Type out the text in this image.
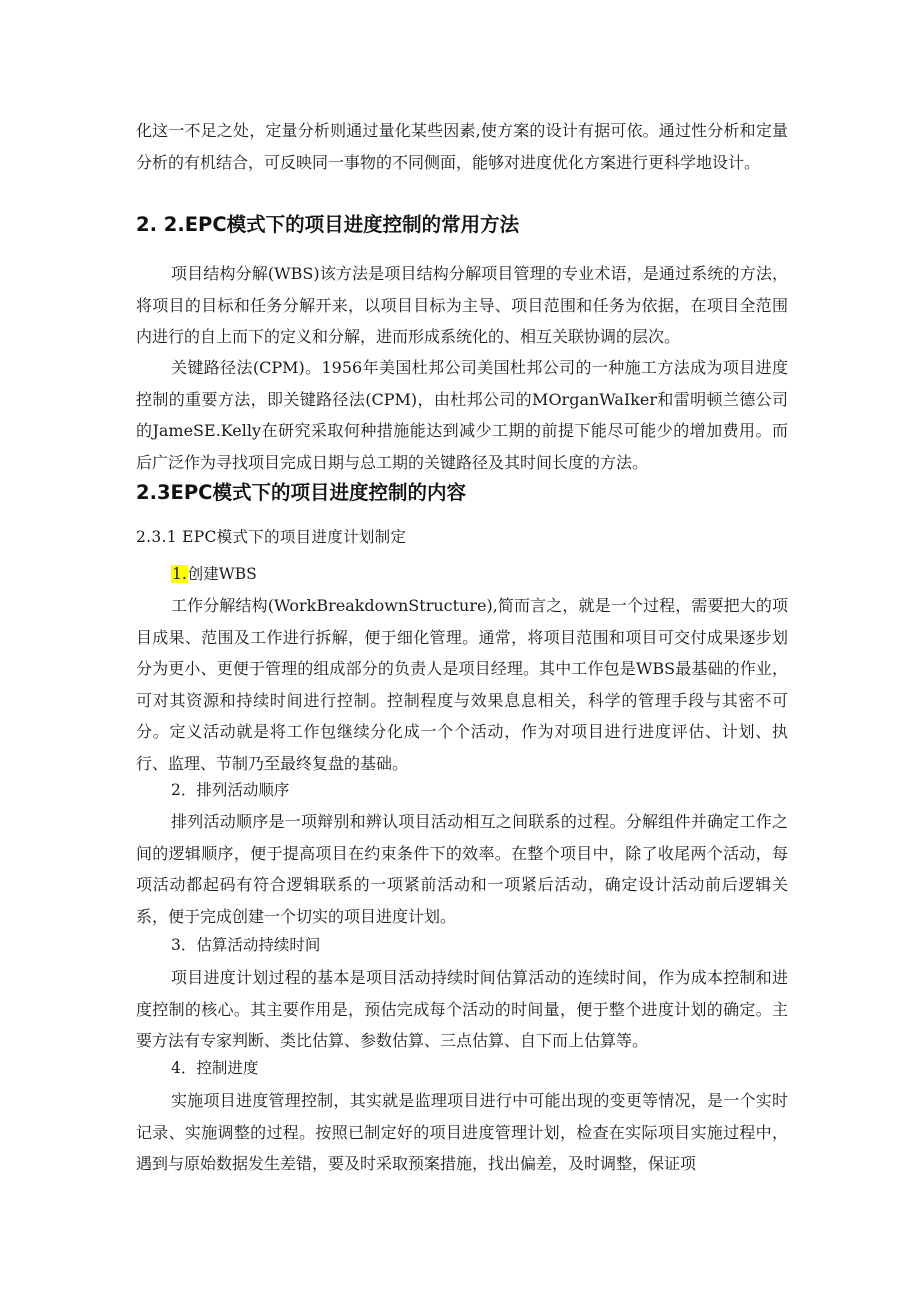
化这一不足之处，定量分析则通过量化某些因素,使方案的设计有据可依。通过性分析和定量分析的有机结合，可反映同一事物的不同侧面，能够对进度优化方案进行更科学地设计。

2. 2.EPC模式下的项目进度控制的常用方法

项目结构分解(WBS)该方法是项目结构分解项目管理的专业术语，是通过系统的方法，将项目的目标和任务分解开来，以项目目标为主导、项目范围和任务为依据，在项目全范围内进行的自上而下的定义和分解，进而形成系统化的、相互关联协调的层次。

关键路径法(CPM)。1956年美国杜邦公司美国杜邦公司的一种施工方法成为项目进度控制的重要方法，即关键路径法(CPM)，由杜邦公司的MOrganWaIker和雷明顿兰德公司的JameSE.Kelly在研究采取何种措施能达到减少工期的前提下能尽可能少的增加费用。而后广泛作为寻找项目完成日期与总工期的关键路径及其时间长度的方法。

2.3EPC模式下的项目进度控制的内容

2.3.1 EPC模式下的项目进度计划制定

1.创建WBS

工作分解结构(WorkBreakdownStructure),简而言之，就是一个过程，需要把大的项目成果、范围及工作进行拆解，便于细化管理。通常，将项目范围和项目可交付成果逐步划分为更小、更便于管理的组成部分的负责人是项目经理。其中工作包是WBS最基础的作业，可对其资源和持续时间进行控制。控制程度与效果息息相关，科学的管理手段与其密不可分。定义活动就是将工作包继续分化成一个个活动，作为对项目进行进度评估、计划、执行、监理、节制乃至最终复盘的基础。

2．排列活动顺序

排列活动顺序是一项辩别和辨认项目活动相互之间联系的过程。分解组件并确定工作之间的逻辑顺序，便于提高项目在约束条件下的效率。在整个项目中，除了收尾两个活动，每项活动都起码有符合逻辑联系的一项紧前活动和一项紧后活动，确定设计活动前后逻辑关系，便于完成创建一个切实的项目进度计划。

3．估算活动持续时间

项目进度计划过程的基本是项目活动持续时间估算活动的连续时间，作为成本控制和进度控制的核心。其主要作用是，预估完成每个活动的时间量，便于整个进度计划的确定。主要方法有专家判断、类比估算、参数估算、三点估算、自下而上估算等。

4．控制进度

实施项目进度管理控制，其实就是监理项目进行中可能出现的变更等情况，是一个实时记录、实施调整的过程。按照已制定好的项目进度管理计划，检查在实际项目实施过程中，遇到与原始数据发生差错，要及时采取预案措施，找出偏差，及时调整，保证项
